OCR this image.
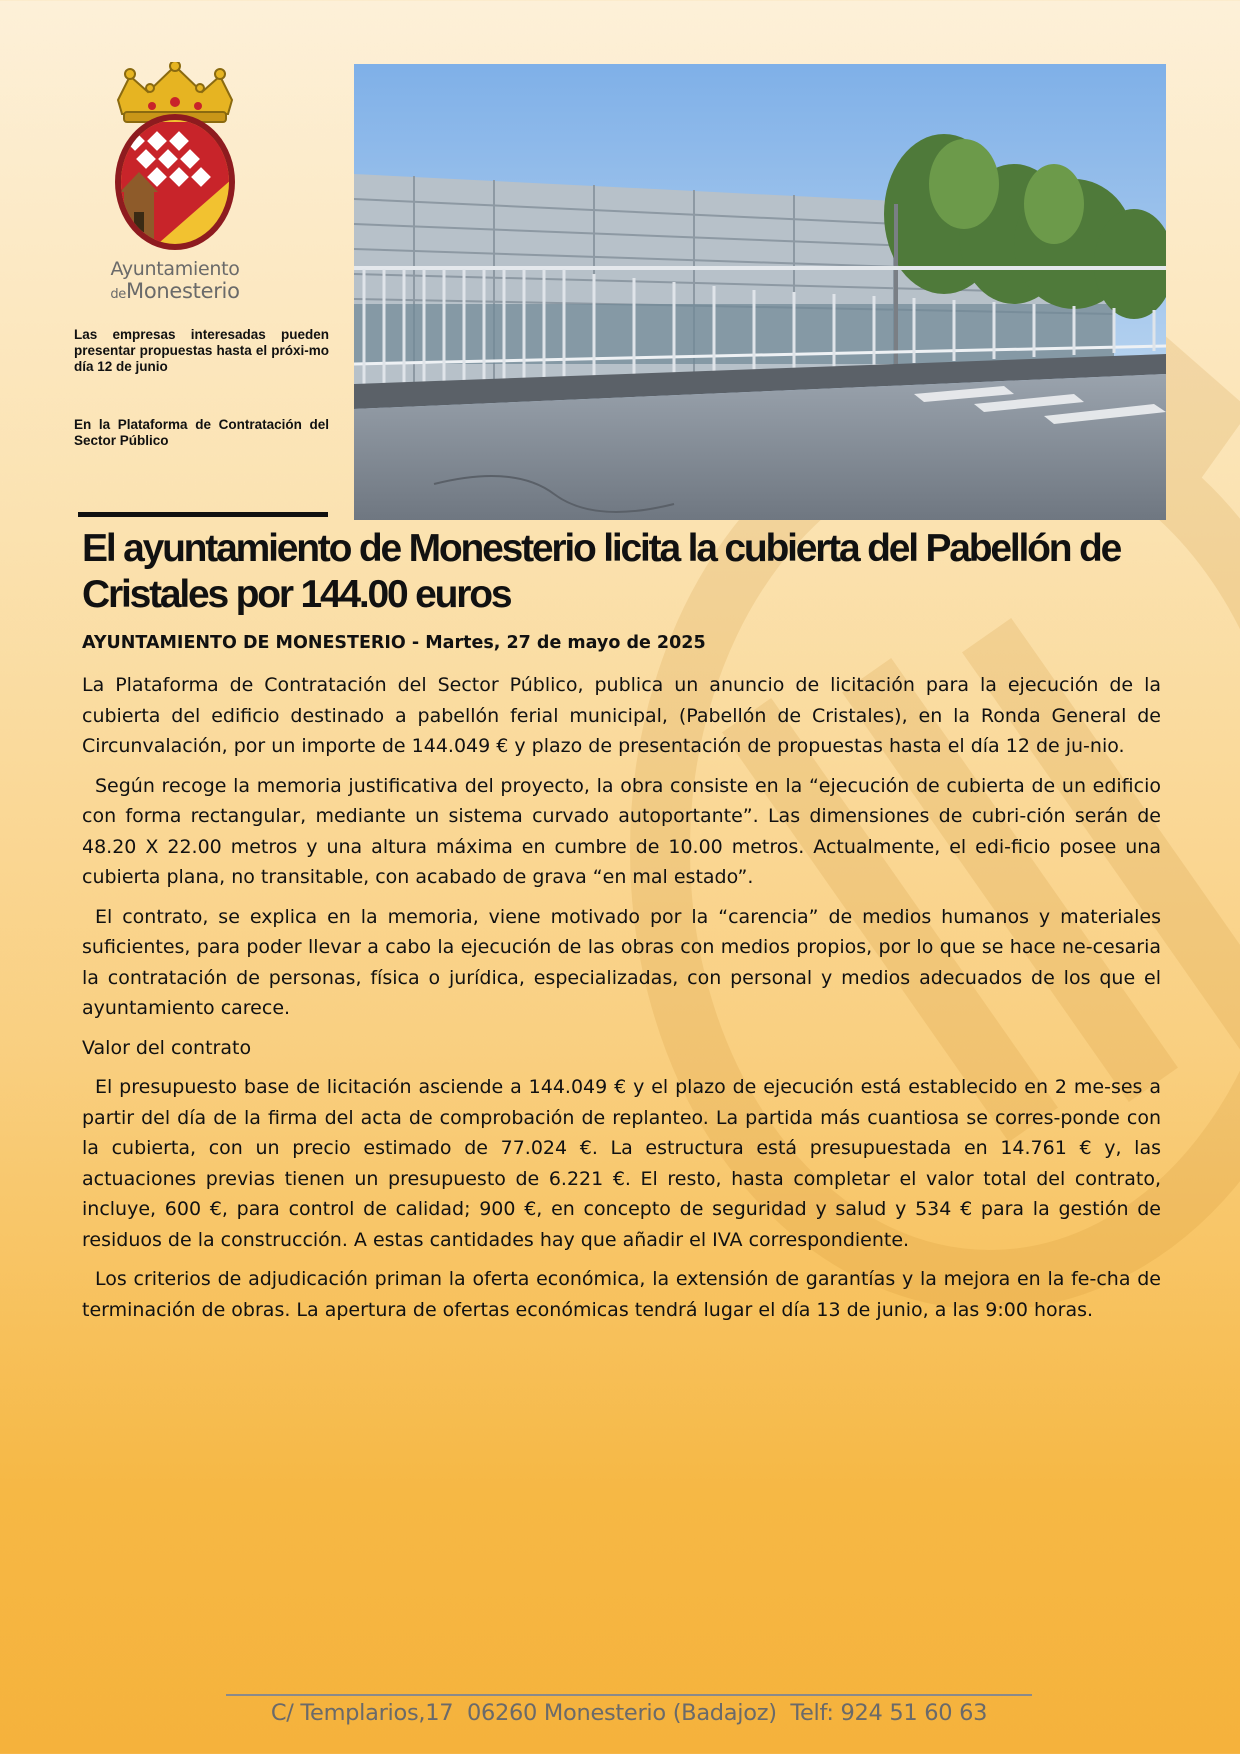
Ayuntamiento
deMonesterio
Las empresas interesadas pueden presentar propuestas hasta el próxi-mo día 12 de junio
En la Plataforma de Contratación del Sector Público
El ayuntamiento de Monesterio licita la cubierta del Pabellón de Cristales por 144.00 euros

AYUNTAMIENTO DE MONESTERIO - Martes, 27 de mayo de 2025

La Plataforma de Contratación del Sector Público, publica un anuncio de licitación para la ejecución de la cubierta del edificio destinado a pabellón ferial municipal, (Pabellón de Cristales), en la Ronda General de Circunvalación, por un importe de 144.049 € y plazo de presentación de propuestas hasta el día 12 de ju-nio.

Según recoge la memoria justificativa del proyecto, la obra consiste en la “ejecución de cubierta de un edificio con forma rectangular, mediante un sistema curvado autoportante”. Las dimensiones de cubri-ción serán de 48.20 X 22.00 metros y una altura máxima en cumbre de 10.00 metros. Actualmente, el edi-ficio posee una cubierta plana, no transitable, con acabado de grava “en mal estado”.

El contrato, se explica en la memoria, viene motivado por la “carencia” de medios humanos y materiales suficientes, para poder llevar a cabo la ejecución de las obras con medios propios, por lo que se hace ne-cesaria la contratación de personas, física o jurídica, especializadas, con personal y medios adecuados de los que el ayuntamiento carece.

Valor del contrato

El presupuesto base de licitación asciende a 144.049 € y el plazo de ejecución está establecido en 2 me-ses a partir del día de la firma del acta de comprobación de replanteo. La partida más cuantiosa se corres-ponde con la cubierta, con un precio estimado de 77.024 €. La estructura está presupuestada en 14.761 € y, las actuaciones previas tienen un presupuesto de 6.221 €. El resto, hasta completar el valor total del contrato, incluye, 600 €, para control de calidad; 900 €, en concepto de seguridad y salud y 534 € para la gestión de residuos de la construcción. A estas cantidades hay que añadir el IVA correspondiente.

Los criterios de adjudicación priman la oferta económica, la extensión de garantías y la mejora en la fe-cha de terminación de obras. La apertura de ofertas económicas tendrá lugar el día 13 de junio, a las 9:00 horas.

C/ Templarios,17  06260 Monesterio (Badajoz)  Telf: 924 51 60 63
